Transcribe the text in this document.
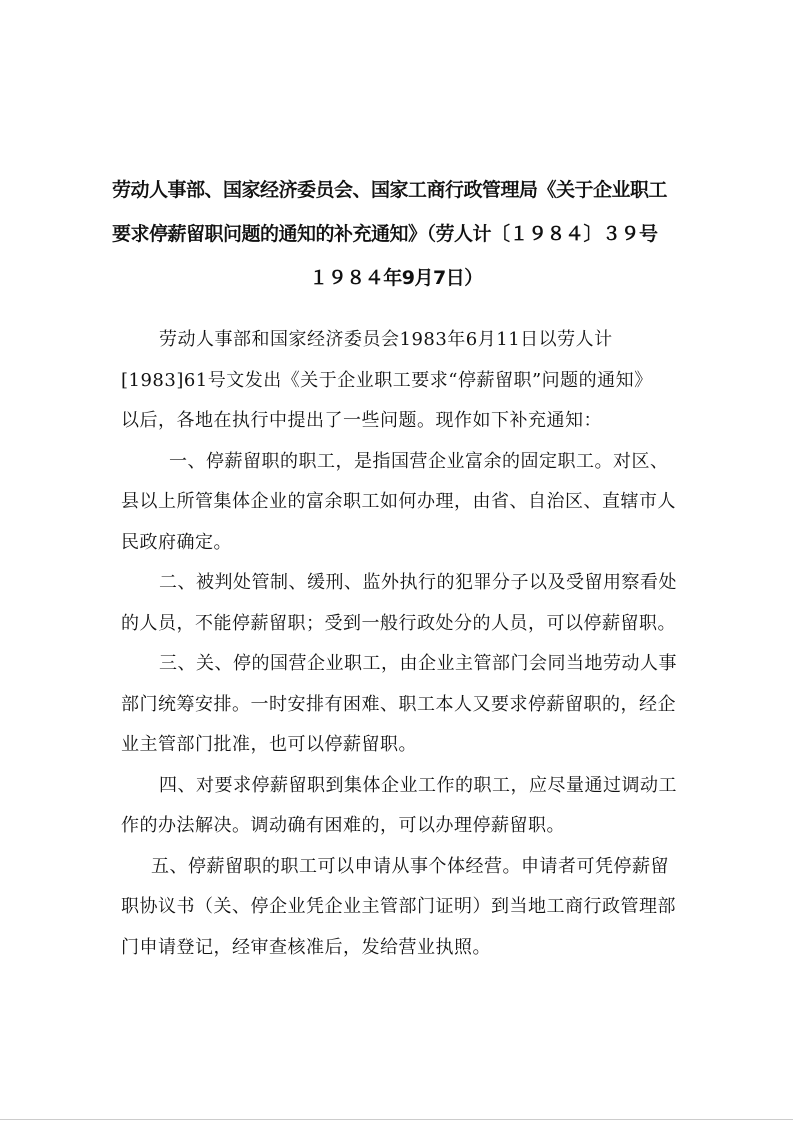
劳动人事部、国家经济委员会、国家工商行政管理局《关于企业职工
要求停薪留职问题的通知的补充通知》（劳人计〔１９８４〕３９号
１９８４年9月7日）
劳动人事部和国家经济委员会1983年6月11日以劳人计
[1983]61号文发出《关于企业职工要求“停薪留职”问题的通知》
以后，各地在执行中提出了一些问题。现作如下补充通知：
一、停薪留职的职工，是指国营企业富余的固定职工。对区、
县以上所管集体企业的富余职工如何办理，由省、自治区、直辖市人
民政府确定。
二、被判处管制、缓刑、监外执行的犯罪分子以及受留用察看处
的人员，不能停薪留职；受到一般行政处分的人员，可以停薪留职。
三、关、停的国营企业职工，由企业主管部门会同当地劳动人事
部门统筹安排。一时安排有困难、职工本人又要求停薪留职的，经企
业主管部门批准，也可以停薪留职。
四、对要求停薪留职到集体企业工作的职工，应尽量通过调动工
作的办法解决。调动确有困难的，可以办理停薪留职。
五、停薪留职的职工可以申请从事个体经营。申请者可凭停薪留
职协议书（关、停企业凭企业主管部门证明）到当地工商行政管理部
门申请登记，经审查核准后，发给营业执照。
